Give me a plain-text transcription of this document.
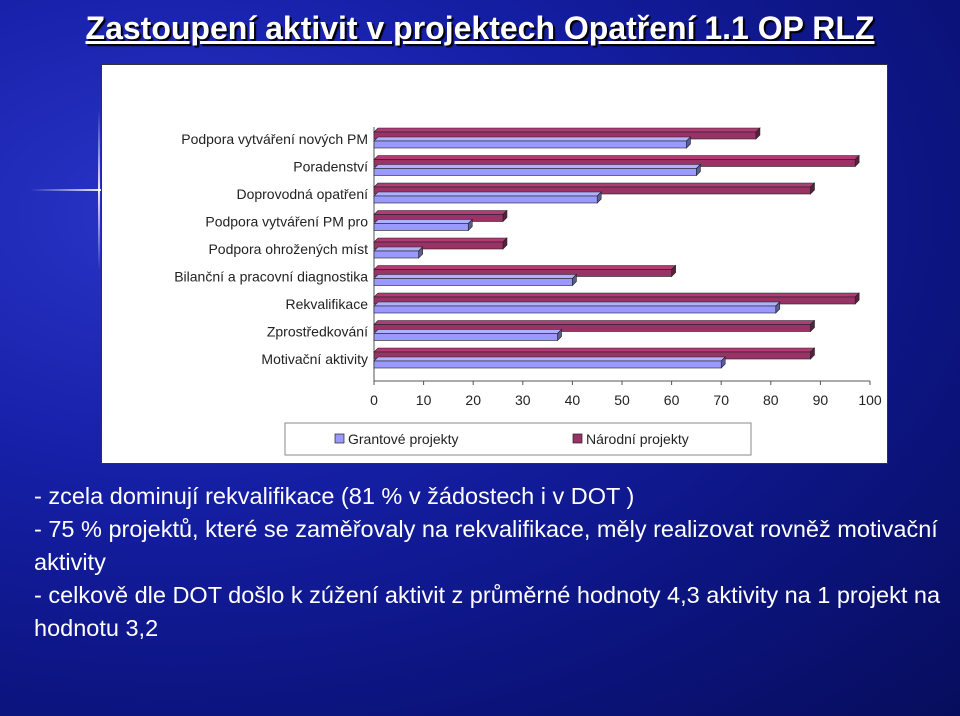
Zastoupení aktivit v projektech Opatření 1.1 OP RLZ
Podpora vytváření nových PM
Poradenství
Doprovodná opatření
Podpora vytváření PM pro
Podpora ohrožených míst
Bilanční a pracovní diagnostika
Rekvalifikace
Zprostředkování
Motivační aktivity
0	10 20 30 40 50 60 70 80 90 100
Grantové projekty	Národní projekty
- zcela dominují rekvalifikace (81 % v žádostech i v DOT )
- 75 % projektů, které se zaměřovaly na rekvalifikace, měly realizovat rovněž motivační aktivity
- celkově dle DOT došlo k zúžení aktivit z průměrné hodnoty 4,3 aktivity na 1 projekt na hodnotu 3,2
